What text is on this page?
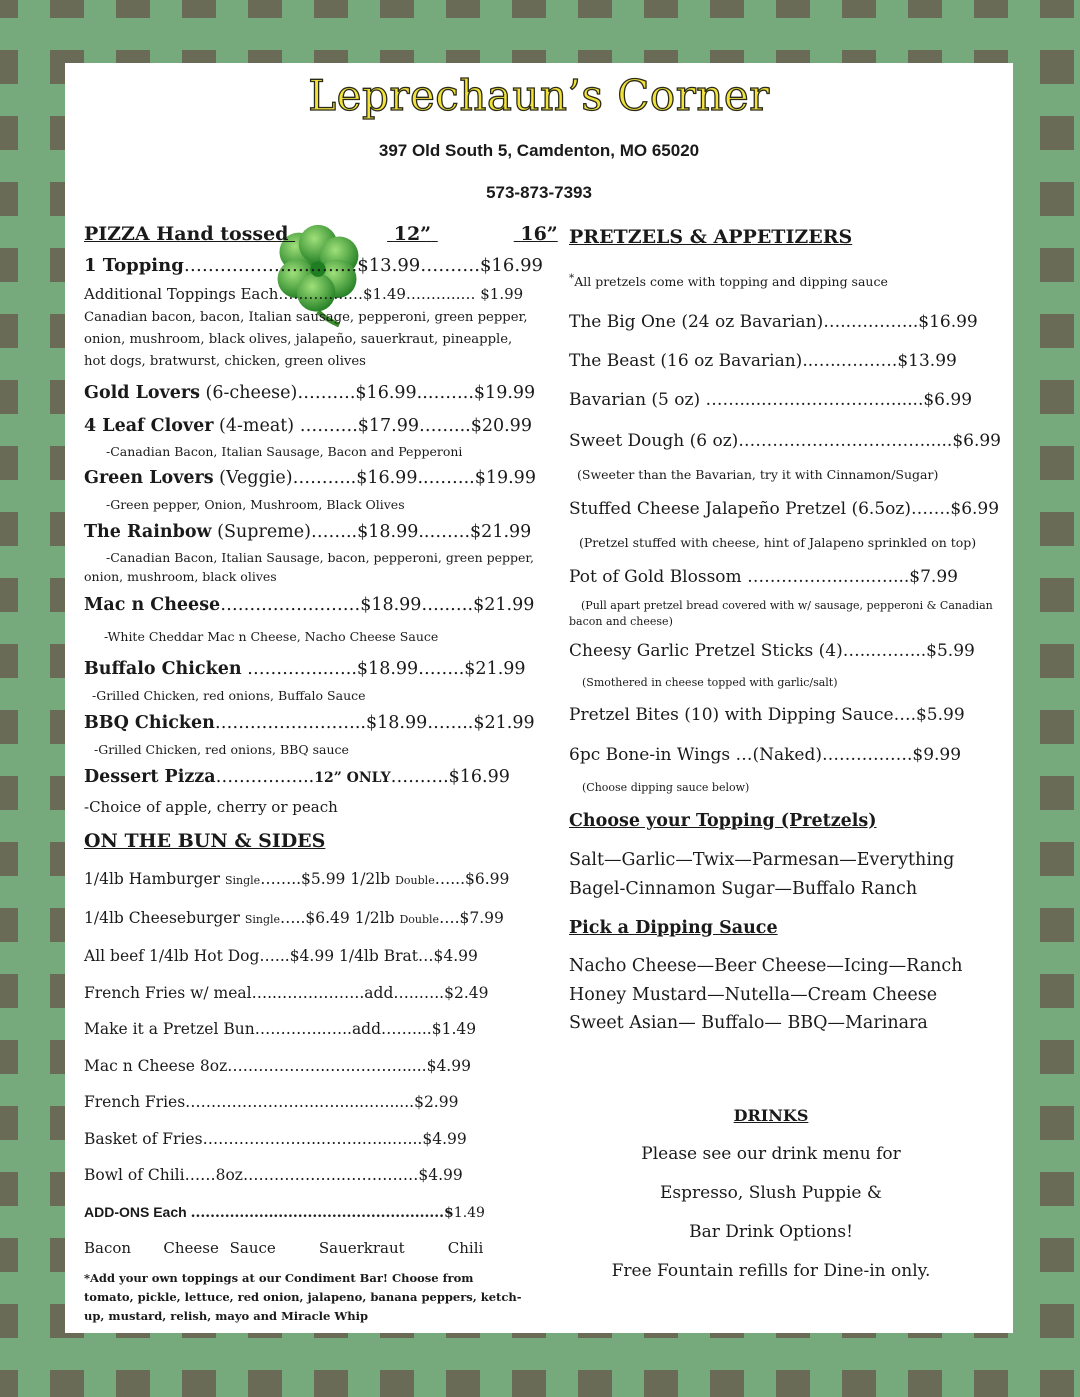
Leprechaun’s Corner
397 Old South 5, Camdenton, MO 65020
573-873-7393
PIZZA Hand tossed	12”	16”
1 Topping………………………..$13.99……….$16.99
Additional Toppings Each…………..…$1.49………..… $1.99
Canadian bacon, bacon, Italian sausage, pepperoni, green pepper, onion, mushroom, black olives, jalapeño, sauerkraut, pineapple, hot dogs, bratwurst, chicken, green olives
Gold Lovers (6-cheese)……….$16.99..……..$19.99
4 Leaf Clover (4-meat) ……….$17.99……...$20.99
-Canadian Bacon, Italian Sausage, Bacon and Pepperoni
Green Lovers (Veggie)………..$16.99..……..$19.99
-Green pepper, Onion, Mushroom, Black Olives
The Rainbow (Supreme)……..$18.99..…….$21.99
-Canadian Bacon, Italian Sausage, bacon, pepperoni, green pepper, onion, mushroom, black olives
Mac n Cheese……………………$18.99…..….$21.99
-White Cheddar Mac n Cheese, Nacho Cheese Sauce
Buffalo Chicken …………..…..$18.99……..$21.99
-Grilled Chicken, red onions, Buffalo Sauce
BBQ Chicken……………………..$18.99……..$21.99
-Grilled Chicken, red onions, BBQ sauce
Dessert Pizza……………..12” ONLY……….$16.99
-Choice of apple, cherry or peach
ON THE BUN & SIDES
1/4lb Hamburger Single……..$5.99 1/2lb Double…...$6.99
1/4lb Cheeseburger Single…..$6.49 1/2lb Double….$7.99
All beef 1/4lb Hot Dog…...$4.99 1/4lb Brat…$4.99
French Fries w/ meal…..……………..add…..…..$2.49
Make it a Pretzel Bun…………..…..add……....$1.49
Mac n Cheese 8oz………………..…..……….....$4.99
French Fries……………………..….......…......$2.99
Basket of Fries…………………..……..…...…...$4.99
Bowl of Chili……8oz……………….……………$4.99
ADD-ONS Each ....................................................$1.49
Bacon Cheese Sauce	Sauerkraut	Chili
*Add your own toppings at our Condiment Bar! Choose from tomato, pickle, lettuce, red onion, jalapeno, banana peppers, ketch-up, mustard, relish, mayo and Miracle Whip
PRETZELS & APPETIZERS
*All pretzels come with topping and dipping sauce
The Big One (24 oz Bavarian)…..….……..$16.99
The Beast (16 oz Bavarian)..…..……….$13.99
Bavarian (5 oz) …….....…….……………......$6.99
Sweet Dough (6 oz)…………………………….....$6.99
(Sweeter than the Bavarian, try it with Cinnamon/Sugar)
Stuffed Cheese Jalapeño Pretzel (6.5oz)…….$6.99
(Pretzel stuffed with cheese, hint of Jalapeno sprinkled on top)
Pot of Gold Blossom ……………..…..…....$7.99
(Pull apart pretzel bread covered with w/ sausage, pepperoni & Canadian bacon and cheese)
Cheesy Garlic Pretzel Sticks (4)…...……...$5.99
(Smothered in cheese topped with garlic/salt)
Pretzel Bites (10) with Dipping Sauce….$5.99
6pc Bone-in Wings …(Naked)…………….$9.99
(Choose dipping sauce below)
Choose your Topping (Pretzels)
Salt—Garlic—Twix—Parmesan—Everything
Bagel-Cinnamon Sugar—Buffalo Ranch
Pick a Dipping Sauce
Nacho Cheese—Beer Cheese—Icing—Ranch
Honey Mustard—Nutella—Cream Cheese
Sweet Asian— Buffalo— BBQ—Marinara
DRINKS
Please see our drink menu for
Espresso, Slush Puppie &
Bar Drink Options!
Free Fountain refills for Dine-in only.
